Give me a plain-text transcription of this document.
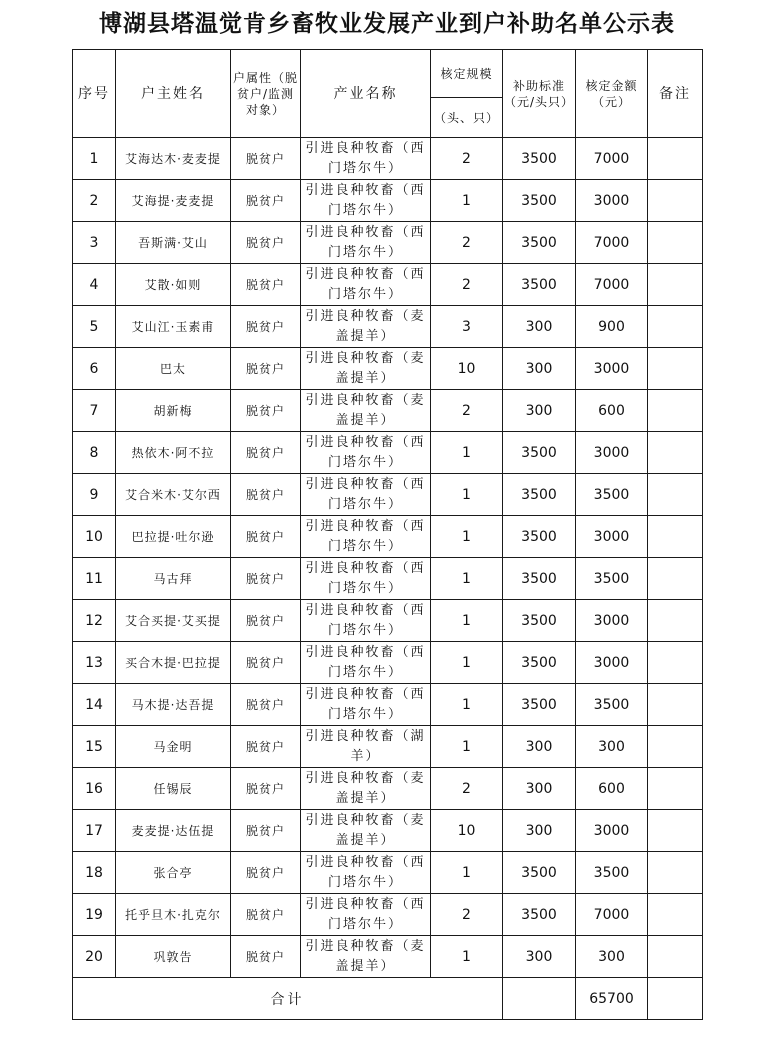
博湖县塔温觉肯乡畜牧业发展产业到户补助名单公示表
序号	户主姓名	户属性（脱贫户/监测对象）	产业名称	核定规模	补助标准（元/头只）	核定金额（元）	备注
				（头、只）			
1	艾海达木·麦麦提	脱贫户	引进良种牧畜（西门塔尔牛）	2	3500	7000	
2	艾海提·麦麦提	脱贫户	引进良种牧畜（西门塔尔牛）	1	3500	3000	
3	吾斯满·艾山	脱贫户	引进良种牧畜（西门塔尔牛）	2	3500	7000	
4	艾散·如则	脱贫户	引进良种牧畜（西门塔尔牛）	2	3500	7000	
5	艾山江·玉素甫	脱贫户	引进良种牧畜（麦盖提羊）	3	300	900	
6	巴太	脱贫户	引进良种牧畜（麦盖提羊）	10	300	3000	
7	胡新梅	脱贫户	引进良种牧畜（麦盖提羊）	2	300	600	
8	热依木·阿不拉	脱贫户	引进良种牧畜（西门塔尔牛）	1	3500	3000	
9	艾合米木·艾尔西	脱贫户	引进良种牧畜（西门塔尔牛）	1	3500	3500	
10	巴拉提·吐尔逊	脱贫户	引进良种牧畜（西门塔尔牛）	1	3500	3000	
11	马古拜	脱贫户	引进良种牧畜（西门塔尔牛）	1	3500	3500	
12	艾合买提·艾买提	脱贫户	引进良种牧畜（西门塔尔牛）	1	3500	3000	
13	买合木提·巴拉提	脱贫户	引进良种牧畜（西门塔尔牛）	1	3500	3000	
14	马木提·达吾提	脱贫户	引进良种牧畜（西门塔尔牛）	1	3500	3500	
15	马金明	脱贫户	引进良种牧畜（湖羊）	1	300	300	
16	任锡辰	脱贫户	引进良种牧畜（麦盖提羊）	2	300	600	
17	麦麦提·达伍提	脱贫户	引进良种牧畜（麦盖提羊）	10	300	3000	
18	张合亭	脱贫户	引进良种牧畜（西门塔尔牛）	1	3500	3500	
19	托乎旦木·扎克尔	脱贫户	引进良种牧畜（西门塔尔牛）	2	3500	7000	
20	巩敦告	脱贫户	引进良种牧畜（麦盖提羊）	1	300	300	
合计						65700	
